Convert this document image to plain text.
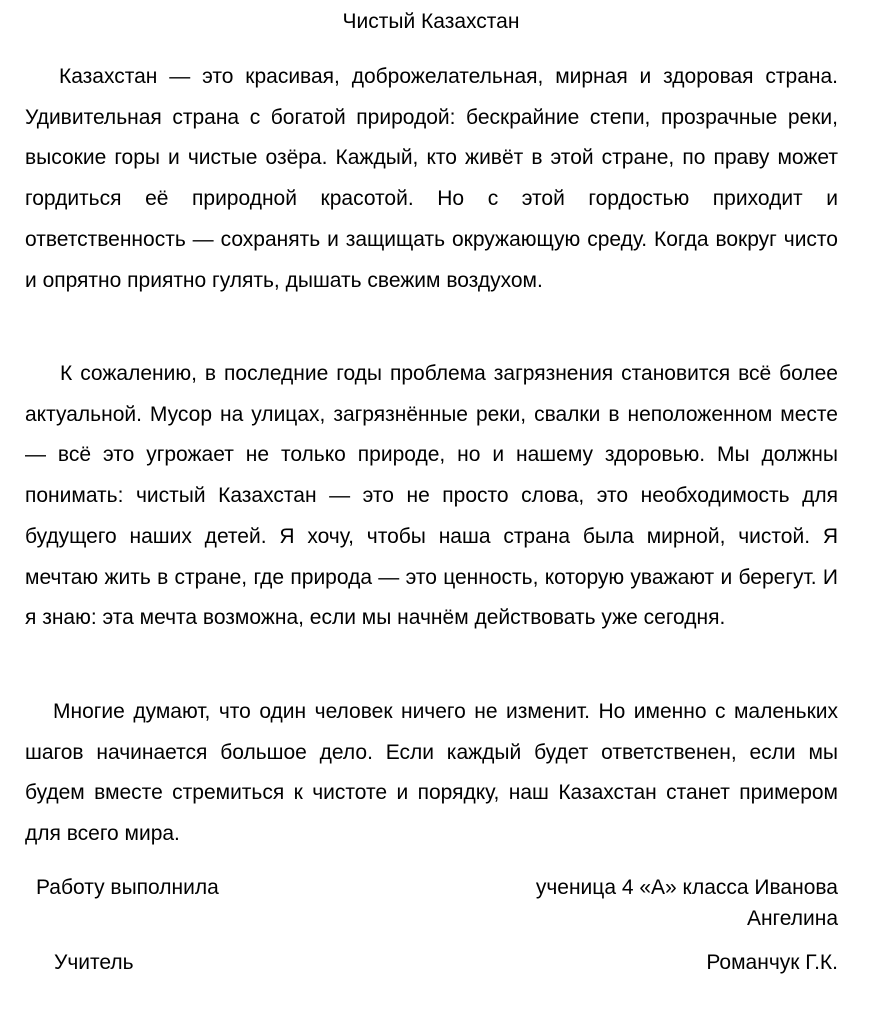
Чистый Казахстан

Казахстан — это красивая, доброжелательная, мирная и здоровая страна. Удивительная страна с богатой природой: бескрайние степи, прозрачные реки, высокие горы и чистые озёра. Каждый, кто живёт в этой стране, по праву может гордиться её природной красотой. Но с этой гордостью приходит и ответственность — сохранять и защищать окружающую среду. Когда вокруг чисто и опрятно приятно гулять, дышать свежим воздухом.

К сожалению, в последние годы проблема загрязнения становится всё более актуальной. Мусор на улицах, загрязнённые реки, свалки в неположенном месте — всё это угрожает не только природе, но и нашему здоровью. Мы должны понимать: чистый Казахстан — это не просто слова, это необходимость для будущего наших детей. Я хочу, чтобы наша страна была мирной, чистой. Я мечтаю жить в стране, где природа — это ценность, которую уважают и берегут. И я знаю: эта мечта возможна, если мы начнём действовать уже сегодня.

Многие думают, что один человек ничего не изменит. Но именно с маленьких шагов начинается большое дело. Если каждый будет ответственен, если мы будем вместе стремиться к чистоте и порядку, наш Казахстан станет примером для всего мира.

Работу выполнила	ученица 4 «А» класса Иванова
Ангелина
Учитель	Романчук Г.К.
